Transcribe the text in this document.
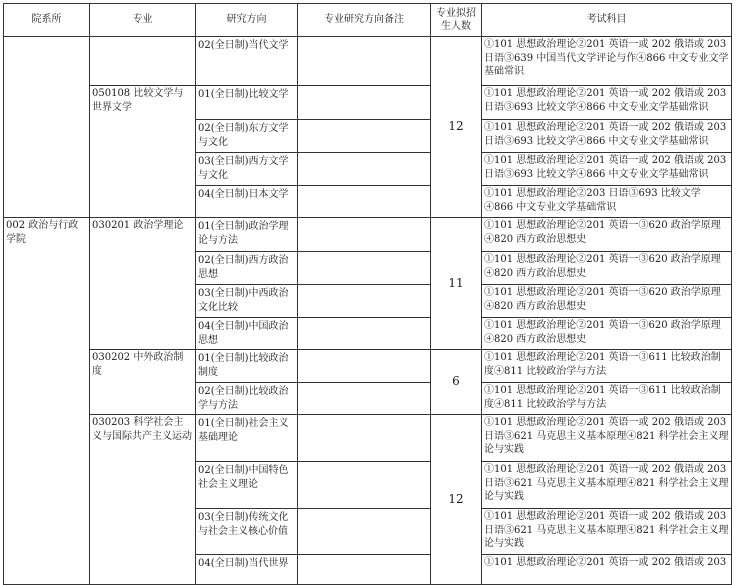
院系所	专业	研究方向	专业研究方向备注	专业拟招生人数	考试科目
		02(全日制)当代文学		12	①101 思想政治理论②201 英语一或 202 俄语或 203 日语③639 中国当代文学评论与作④866 中文专业文学基础常识
	050108 比较文学与世界文学	01(全日制)比较文学			①101 思想政治理论②201 英语一或 202 俄语或 203 日语③693 比较文学④866 中文专业文学基础常识
		02(全日制)东方文学与文化			①101 思想政治理论②201 英语一或 202 俄语或 203 日语③693 比较文学④866 中文专业文学基础常识
		03(全日制)西方文学与文化			①101 思想政治理论②201 英语一或 202 俄语或 203 日语③693 比较文学④866 中文专业文学基础常识
		04(全日制)日本文学			①101 思想政治理论②203 日语③693 比较文学④866 中文专业文学基础常识
002 政治与行政学院	030201 政治学理论	01(全日制)政治学理论与方法		11	①101 思想政治理论②201 英语一③620 政治学原理④820 西方政治思想史
		02(全日制)西方政治思想			①101 思想政治理论②201 英语一③620 政治学原理④820 西方政治思想史
		03(全日制)中西政治文化比较			①101 思想政治理论②201 英语一③620 政治学原理④820 西方政治思想史
		04(全日制)中国政治思想			①101 思想政治理论②201 英语一③620 政治学原理④820 西方政治思想史
	030202 中外政治制度	01(全日制)比较政治制度		6	①101 思想政治理论②201 英语一③611 比较政治制度④811 比较政治学与方法
		02(全日制)比较政治学与方法			①101 思想政治理论②201 英语一③611 比较政治制度④811 比较政治学与方法
	030203 科学社会主义与国际共产主义运动	01(全日制)社会主义基础理论		12	①101 思想政治理论②201 英语一或 202 俄语或 203 日语③621 马克思主义基本原理④821 科学社会主义理论与实践
		02(全日制)中国特色社会主义理论			①101 思想政治理论②201 英语一或 202 俄语或 203 日语③621 马克思主义基本原理④821 科学社会主义理论与实践
		03(全日制)传统文化与社会主义核心价值			①101 思想政治理论②201 英语一或 202 俄语或 203 日语③621 马克思主义基本原理④821 科学社会主义理论与实践
		04(全日制)当代世界			①101 思想政治理论②201 英语一或 202 俄语或 203
